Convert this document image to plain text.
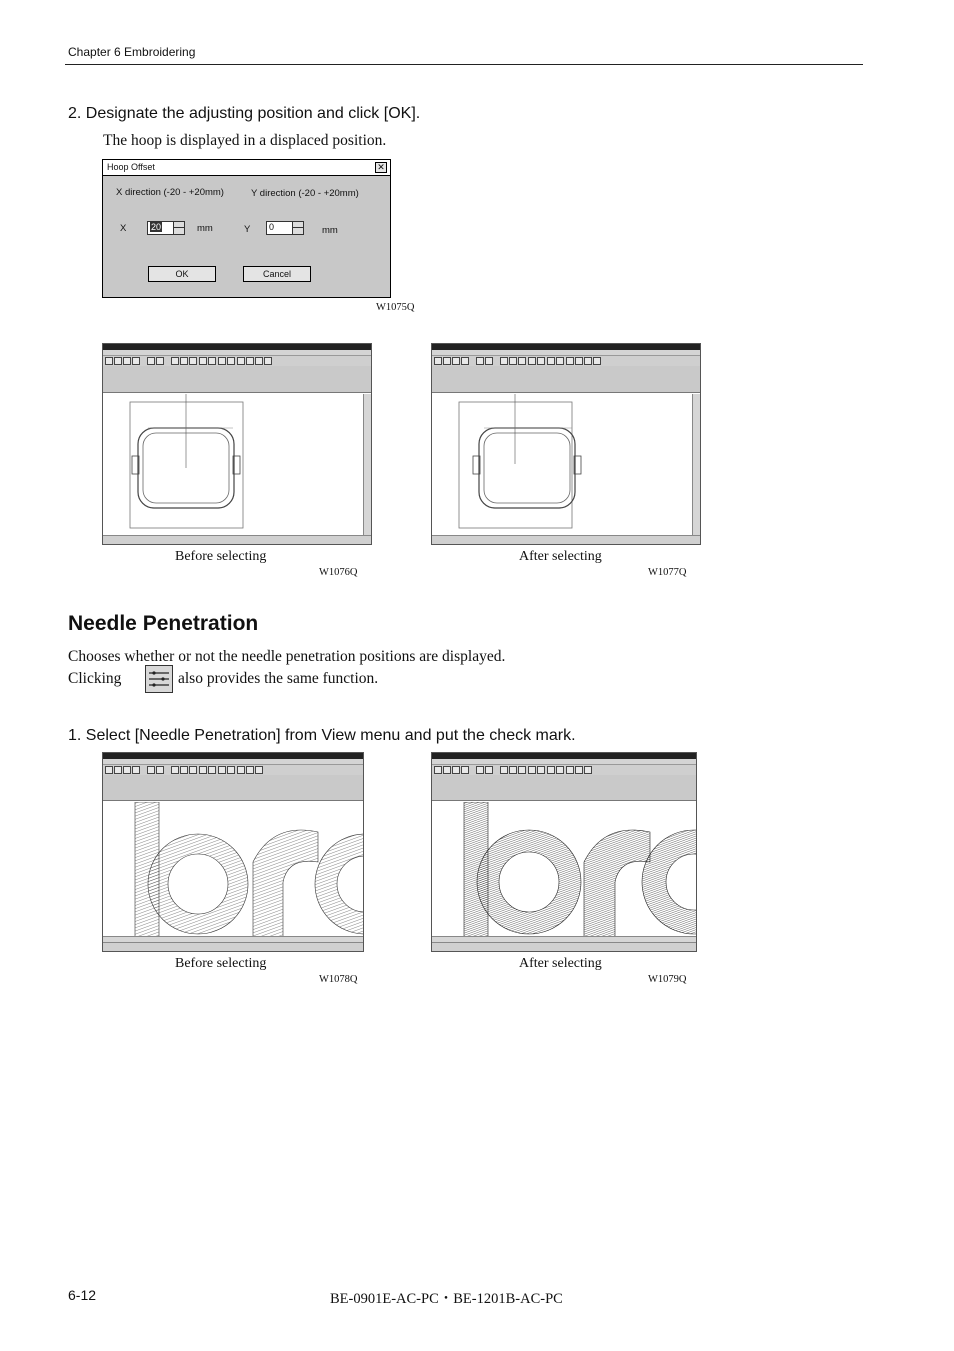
Chapter 6 Embroidering
2. Designate the adjusting position and click [OK].
The hoop is displayed in a displaced position.
Hoop Offset	✕
X direction (-20 - +20mm)	Y direction (-20 - +20mm)
X	20	mm	Y 0	mm
OK	Cancel
W1075Q
Before selecting
W1076Q
After selecting
W1077Q
Needle Penetration
Chooses whether or not the needle penetration positions are displayed.
Clicking	also provides the same function.
1. Select [Needle Penetration] from View menu and put the check mark.
Before selecting
W1078Q
After selecting
W1079Q
6-12	BE-0901E-AC-PC・BE-1201B-AC-PC
